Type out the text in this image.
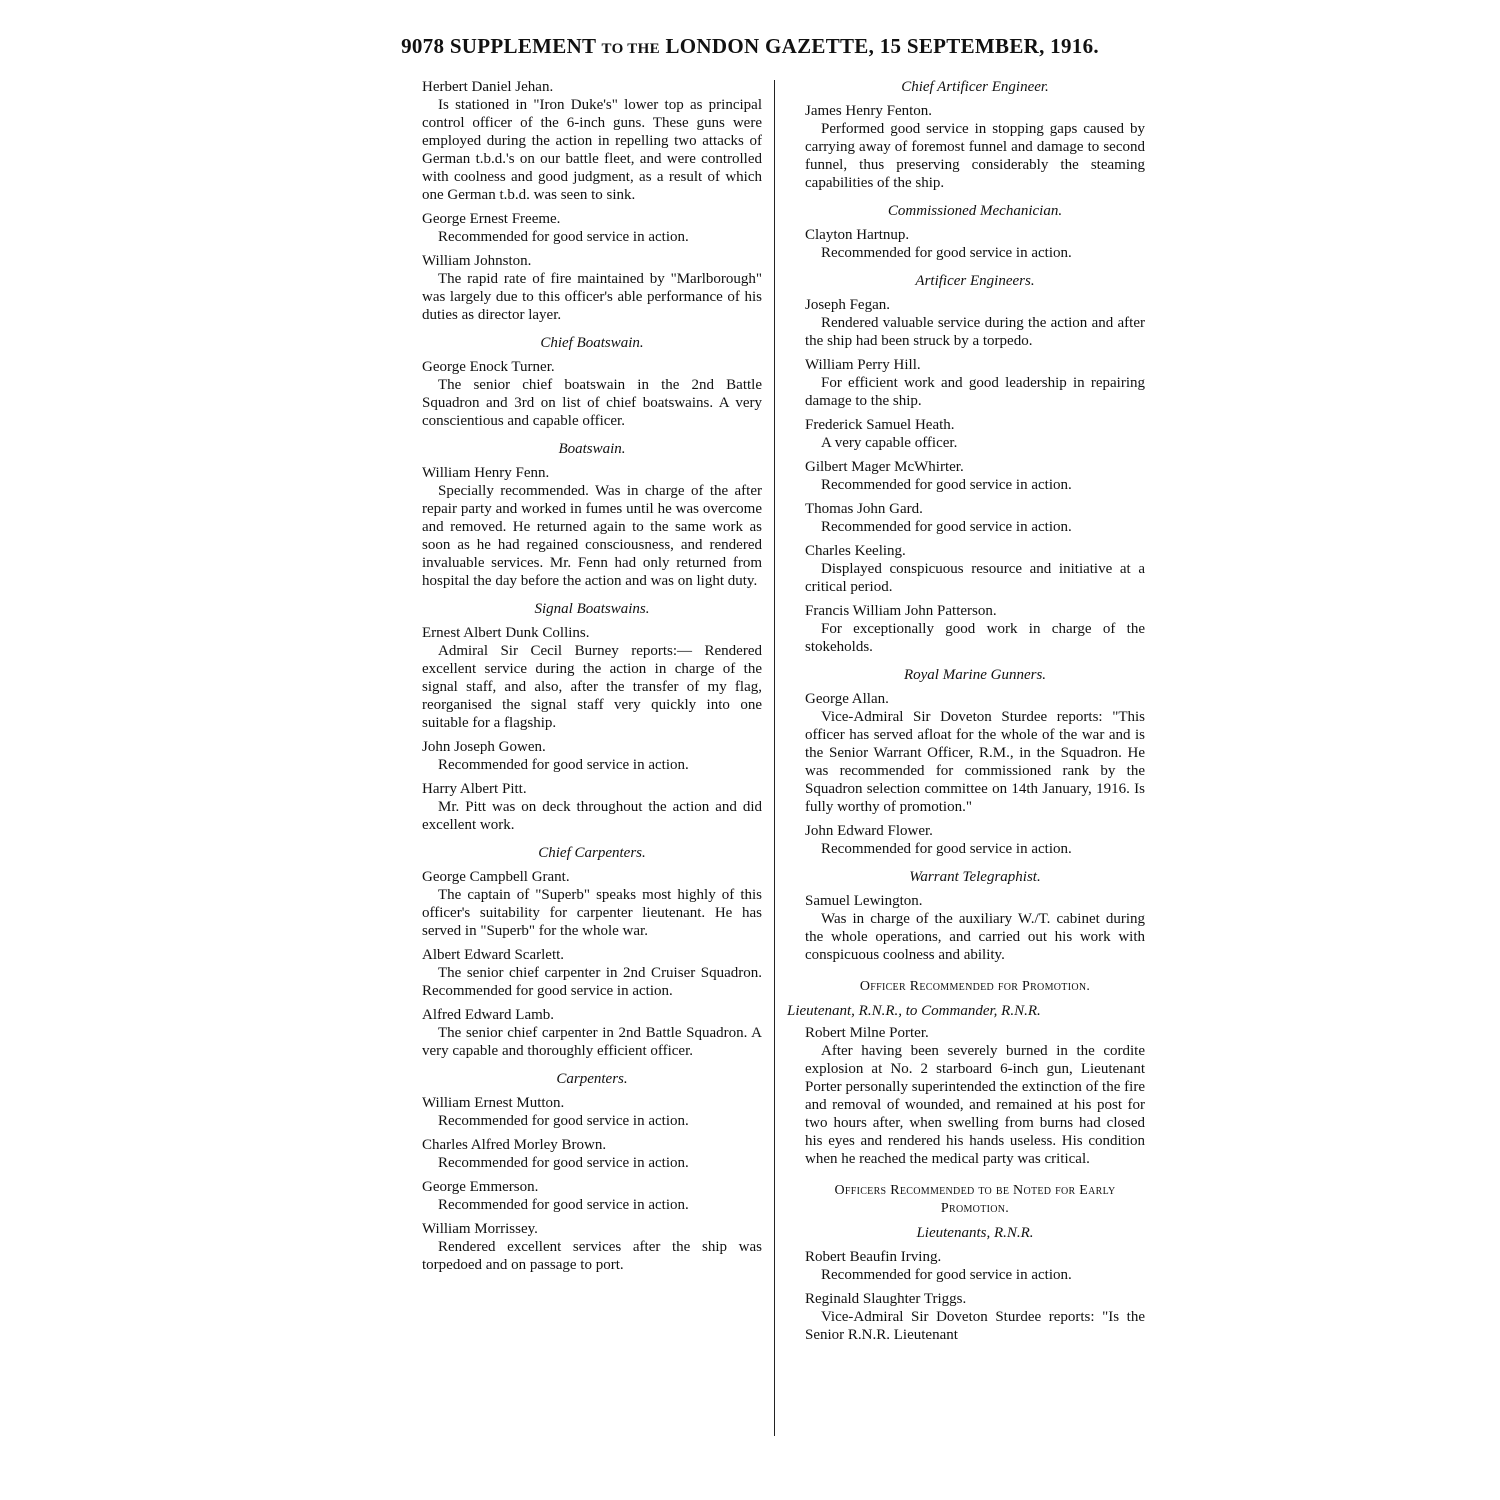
9078 SUPPLEMENT TO THE LONDON GAZETTE, 15 SEPTEMBER, 1916.

Herbert Daniel Jehan.

Is stationed in "Iron Duke's" lower top as principal control officer of the 6-inch guns. These guns were employed during the action in repelling two attacks of German t.b.d.'s on our battle fleet, and were controlled with coolness and good judgment, as a result of which one German t.b.d. was seen to sink.

George Ernest Freeme.

Recommended for good service in action.

William Johnston.

The rapid rate of fire maintained by "Marlborough" was largely due to this officer's able performance of his duties as director layer.

Chief Boatswain.

George Enock Turner.

The senior chief boatswain in the 2nd Battle Squadron and 3rd on list of chief boatswains. A very conscientious and capable officer.

Boatswain.

William Henry Fenn.

Specially recommended. Was in charge of the after repair party and worked in fumes until he was overcome and removed. He returned again to the same work as soon as he had regained consciousness, and rendered invaluable services. Mr. Fenn had only returned from hospital the day before the action and was on light duty.

Signal Boatswains.

Ernest Albert Dunk Collins.

Admiral Sir Cecil Burney reports:— Rendered excellent service during the action in charge of the signal staff, and also, after the transfer of my flag, reorganised the signal staff very quickly into one suitable for a flagship.

John Joseph Gowen.

Recommended for good service in action.

Harry Albert Pitt.

Mr. Pitt was on deck throughout the action and did excellent work.

Chief Carpenters.

George Campbell Grant.

The captain of "Superb" speaks most highly of this officer's suitability for carpenter lieutenant. He has served in "Superb" for the whole war.

Albert Edward Scarlett.

The senior chief carpenter in 2nd Cruiser Squadron. Recommended for good service in action.

Alfred Edward Lamb.

The senior chief carpenter in 2nd Battle Squadron. A very capable and thoroughly efficient officer.

Carpenters.

William Ernest Mutton.

Recommended for good service in action.

Charles Alfred Morley Brown.

Recommended for good service in action.

George Emmerson.

Recommended for good service in action.

William Morrissey.

Rendered excellent services after the ship was torpedoed and on passage to port.

Chief Artificer Engineer.

James Henry Fenton.

Performed good service in stopping gaps caused by carrying away of foremost funnel and damage to second funnel, thus preserving considerably the steaming capabilities of the ship.

Commissioned Mechanician.

Clayton Hartnup.

Recommended for good service in action.

Artificer Engineers.

Joseph Fegan.

Rendered valuable service during the action and after the ship had been struck by a torpedo.

William Perry Hill.

For efficient work and good leadership in repairing damage to the ship.

Frederick Samuel Heath.

A very capable officer.

Gilbert Mager McWhirter.

Recommended for good service in action.

Thomas John Gard.

Recommended for good service in action.

Charles Keeling.

Displayed conspicuous resource and initiative at a critical period.

Francis William John Patterson.

For exceptionally good work in charge of the stokeholds.

Royal Marine Gunners.

George Allan.

Vice-Admiral Sir Doveton Sturdee reports: "This officer has served afloat for the whole of the war and is the Senior Warrant Officer, R.M., in the Squadron. He was recommended for commissioned rank by the Squadron selection committee on 14th January, 1916. Is fully worthy of promotion."

John Edward Flower.

Recommended for good service in action.

Warrant Telegraphist.

Samuel Lewington.

Was in charge of the auxiliary W./T. cabinet during the whole operations, and carried out his work with conspicuous coolness and ability.

Officer Recommended for Promotion.

Lieutenant, R.N.R., to Commander, R.N.R.

Robert Milne Porter.

After having been severely burned in the cordite explosion at No. 2 starboard 6-inch gun, Lieutenant Porter personally superintended the extinction of the fire and removal of wounded, and remained at his post for two hours after, when swelling from burns had closed his eyes and rendered his hands useless. His condition when he reached the medical party was critical.

Officers Recommended to be Noted for Early Promotion.

Lieutenants, R.N.R.

Robert Beaufin Irving.

Recommended for good service in action.

Reginald Slaughter Triggs.

Vice-Admiral Sir Doveton Sturdee reports: "Is the Senior R.N.R. Lieutenant
